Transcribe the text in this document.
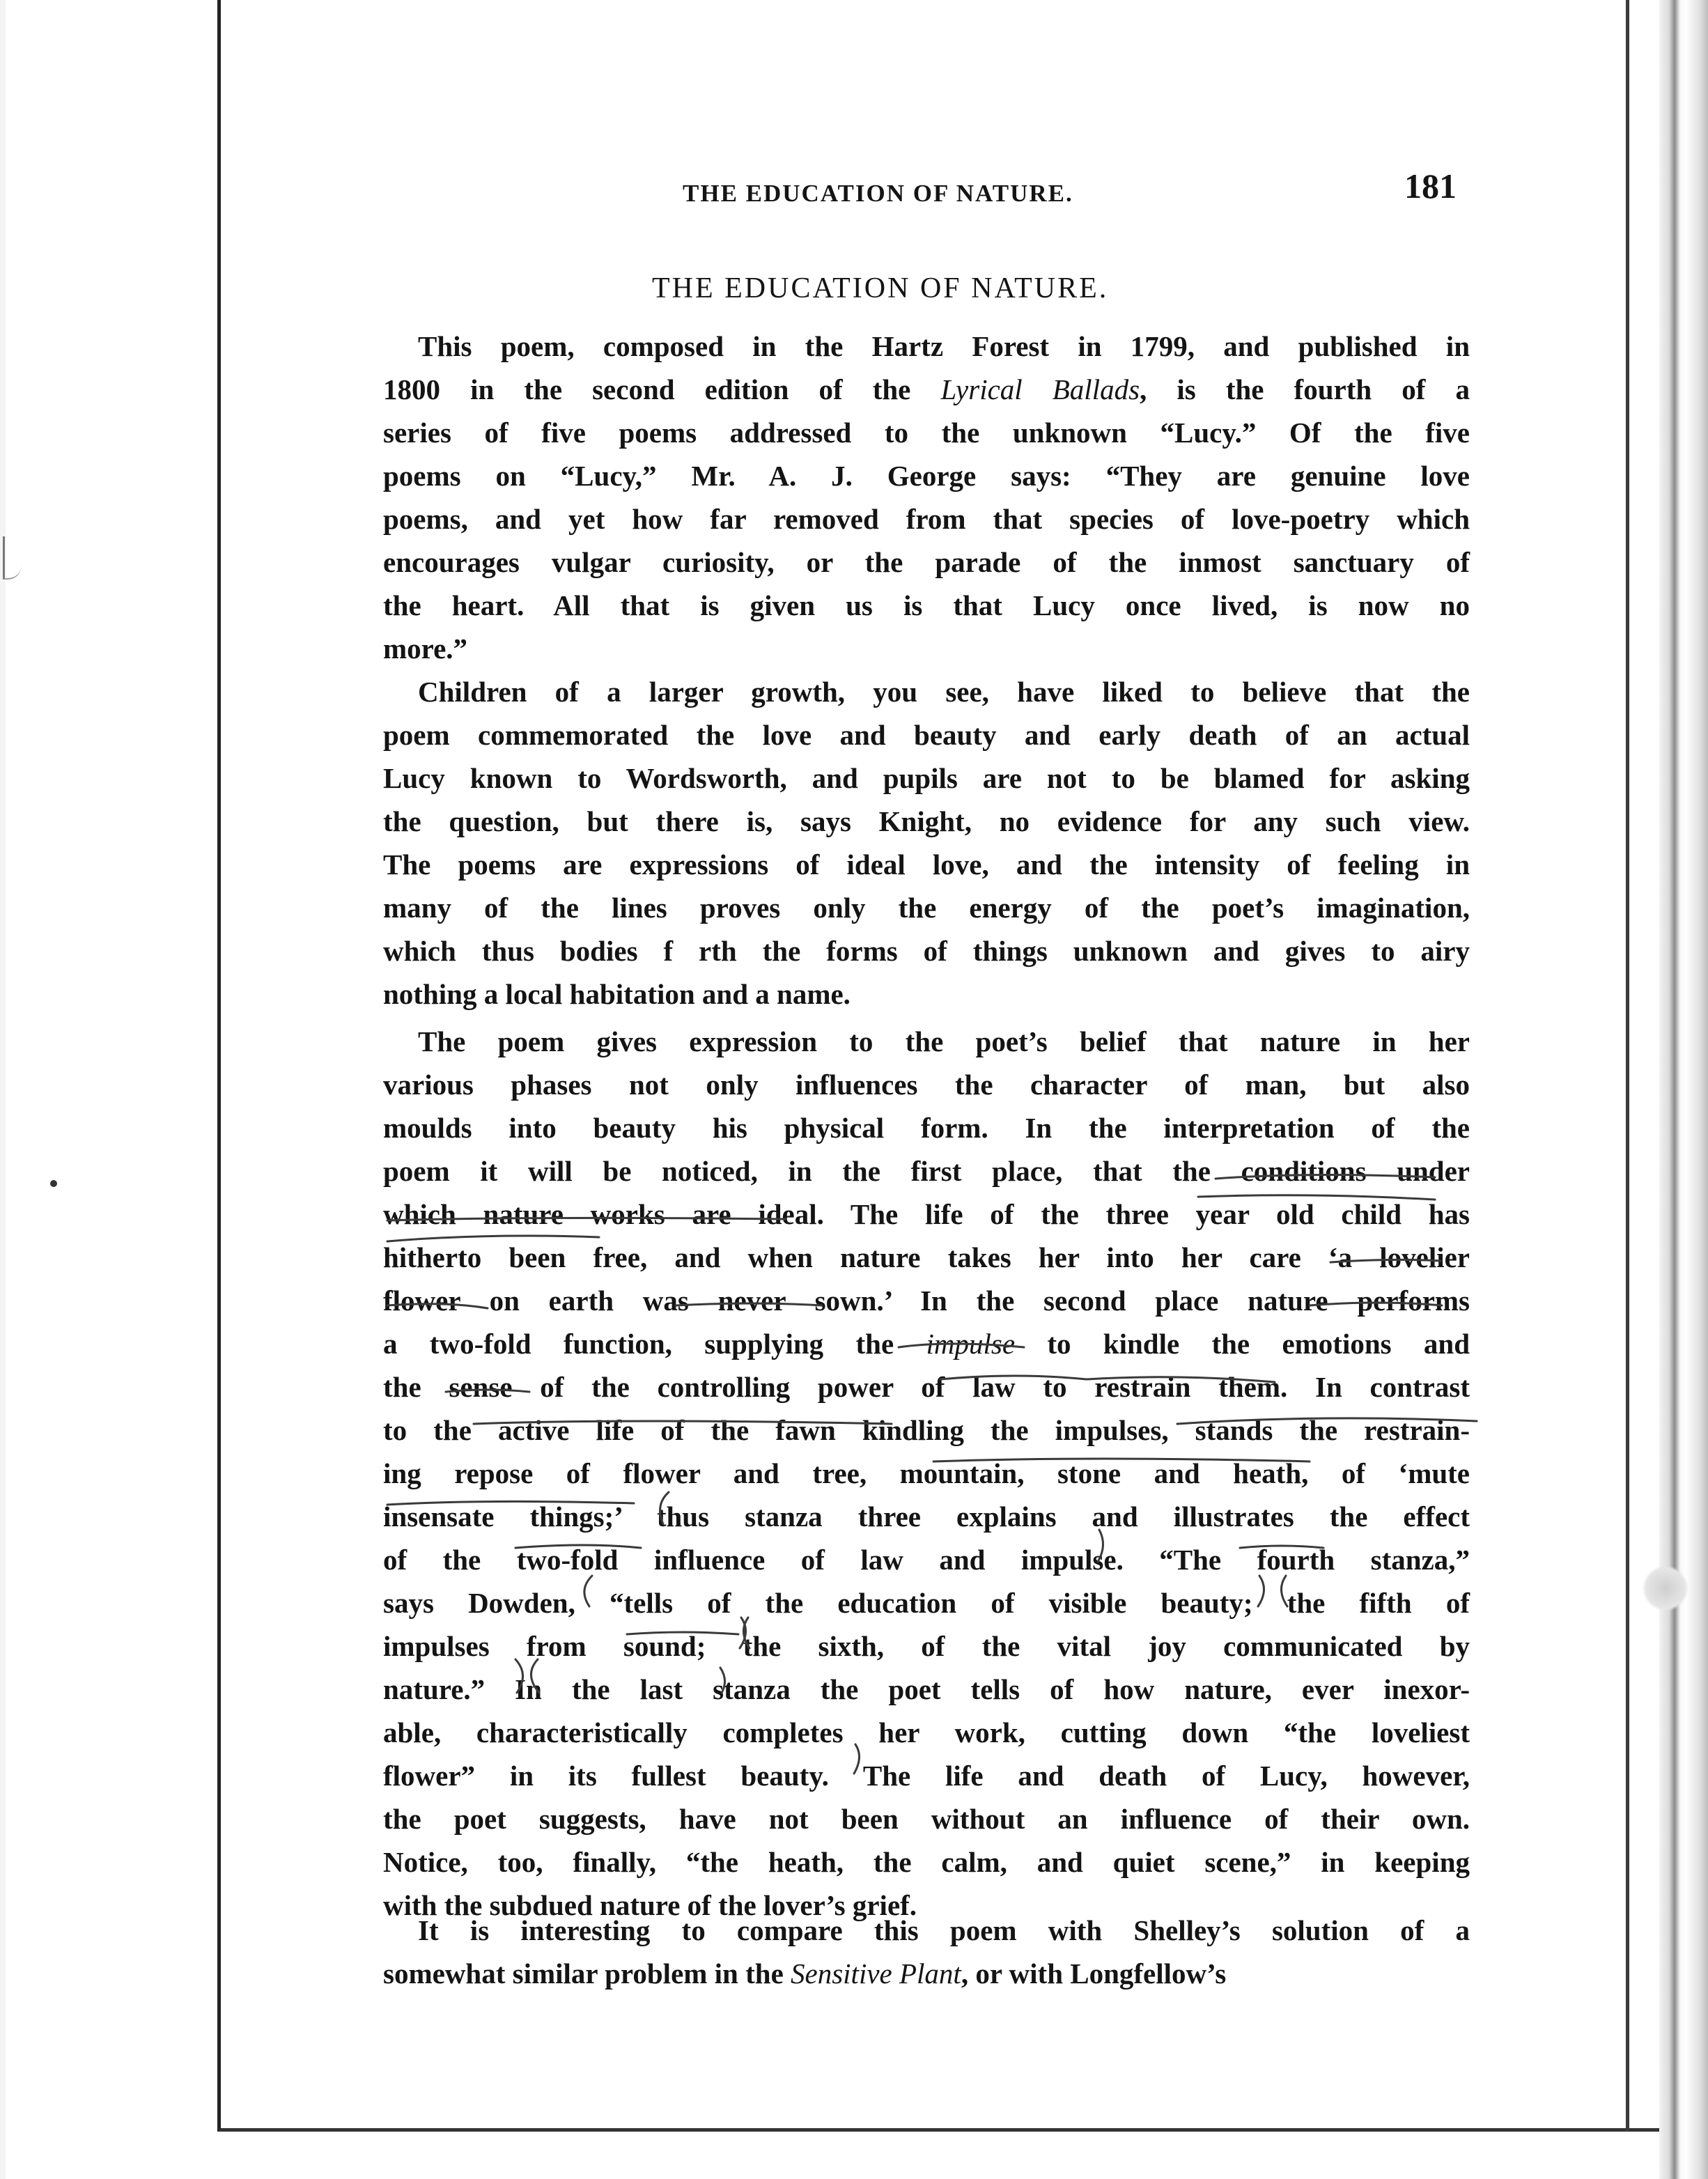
THE EDUCATION OF NATURE.	181
THE EDUCATION OF NATURE.
This poem, composed in the Hartz Forest in 1799, and published in
1800 in the second edition of the Lyrical Ballads, is the fourth of a
series of five poems addressed to the unknown “Lucy.” Of the five
poems on “Lucy,” Mr. A. J. George says: “They are genuine love
poems, and yet how far removed from that species of love-poetry which
encourages vulgar curiosity, or the parade of the inmost sanctuary of
the heart. All that is given us is that Lucy once lived, is now no
more.”
Children of a larger growth, you see, have liked to believe that the
poem commemorated the love and beauty and early death of an actual
Lucy known to Wordsworth, and pupils are not to be blamed for asking
the question, but there is, says Knight, no evidence for any such view.
The poems are expressions of ideal love, and the intensity of feeling in
many of the lines proves only the energy of the poet’s imagination,
which thus bodies f rth the forms of things unknown and gives to airy
nothing a local habitation and a name.
The poem gives expression to the poet’s belief that nature in her
various phases not only influences the character of man, but also
moulds into beauty his physical form. In the interpretation of the
poem it will be noticed, in the first place, that the conditions under
which nature works are ideal. The life of the three year old child has
hitherto been free, and when nature takes her into her care ‘a lovelier
flower on earth was never sown.’ In the second place nature performs
a two-fold function, supplying the impulse to kindle the emotions and
the sense of the controlling power of law to restrain them. In contrast
to the active life of the fawn kindling the impulses, stands the restrain-
ing repose of flower and tree, mountain, stone and heath, of ‘mute
insensate things;’ thus stanza three explains and illustrates the effect
of the two-fold influence of law and impulse. “The fourth stanza,”
says Dowden, “tells of the education of visible beauty; the fifth of
impulses from sound; the sixth, of the vital joy communicated by
nature.” In the last stanza the poet tells of how nature, ever inexor-
able, characteristically completes her work, cutting down “the loveliest
flower” in its fullest beauty. The life and death of Lucy, however,
the poet suggests, have not been without an influence of their own.
Notice, too, finally, “the heath, the calm, and quiet scene,” in keeping
with the subdued nature of the lover’s grief.
It is interesting to compare this poem with Shelley’s solution of a
somewhat similar problem in the Sensitive Plant, or with Longfellow’s
